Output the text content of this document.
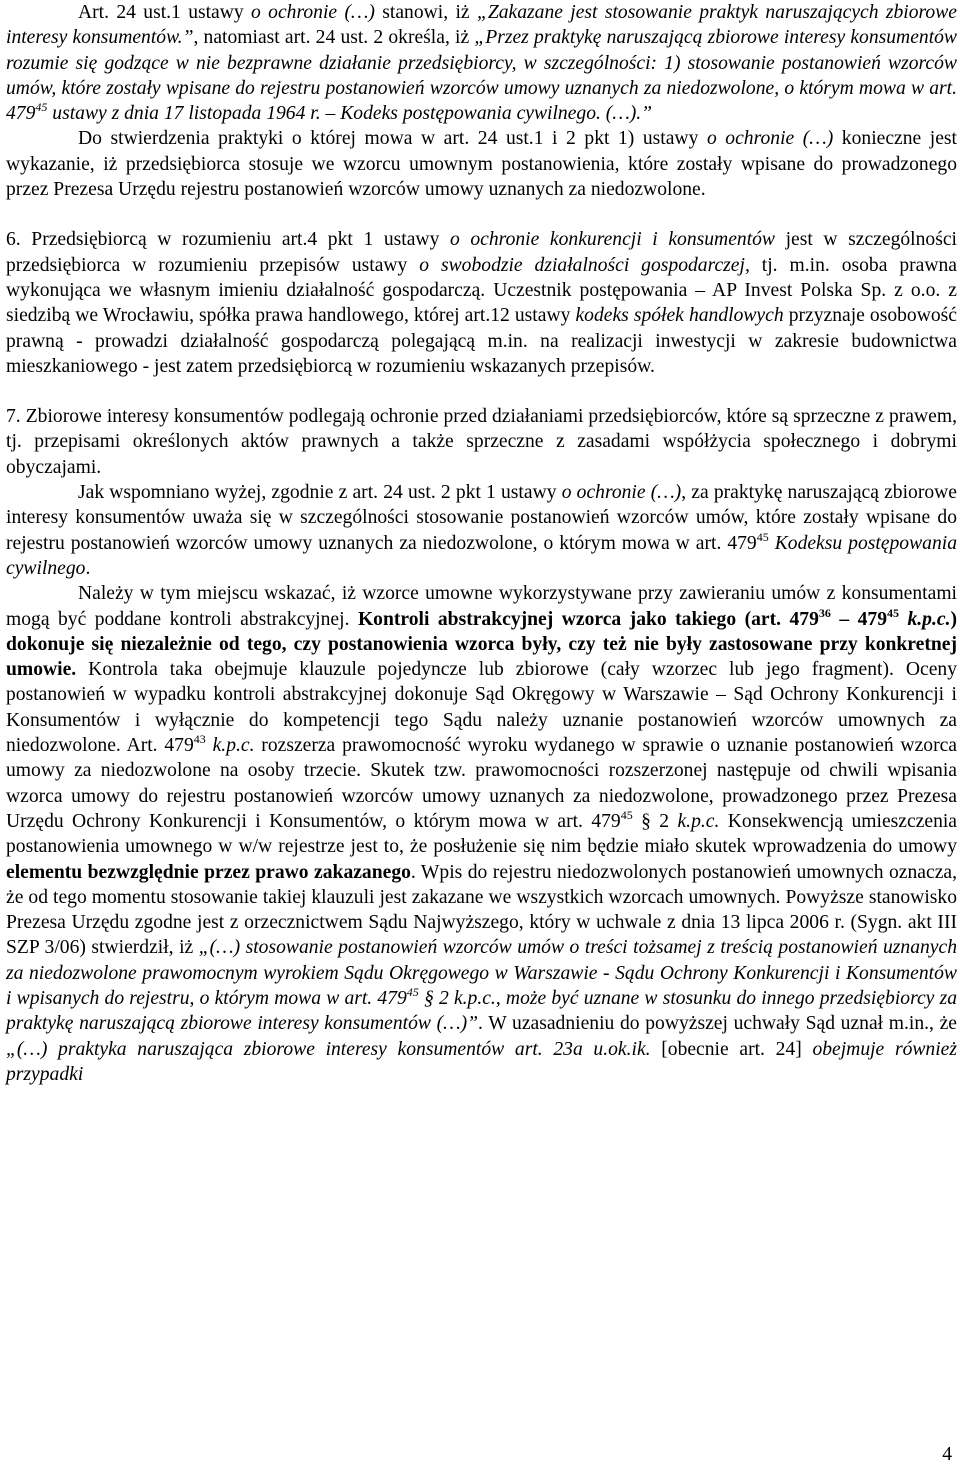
Art. 24 ust.1 ustawy o ochronie (…) stanowi, iż „Zakazane jest stosowanie praktyk naruszających zbiorowe interesy konsumentów.”, natomiast art. 24 ust. 2 określa, iż „Przez praktykę naruszającą zbiorowe interesy konsumentów rozumie się godzące w nie bezprawne działanie przedsiębiorcy, w szczególności: 1) stosowanie postanowień wzorców umów, które zostały wpisane do rejestru postanowień wzorców umowy uznanych za niedozwolone, o którym mowa w art. $479^{45}$ ustawy z dnia 17 listopada 1964 r. – Kodeks postępowania cywilnego. (…).”

Do stwierdzenia praktyki o której mowa w art. 24 ust.1 i 2 pkt 1) ustawy o ochronie (…) konieczne jest wykazanie, iż przedsiębiorca stosuje we wzorcu umownym postanowienia, które zostały wpisane do prowadzonego przez Prezesa Urzędu rejestru postanowień wzorców umowy uznanych za niedozwolone.

6. Przedsiębiorcą w rozumieniu art.4 pkt 1 ustawy o ochronie konkurencji i konsumentów jest w szczególności przedsiębiorca w rozumieniu przepisów ustawy o swobodzie działalności gospodarczej, tj. m.in. osoba prawna wykonująca we własnym imieniu działalność gospodarczą. Uczestnik postępowania – AP Invest Polska Sp. z o.o. z siedzibą we Wrocławiu, spółka prawa handlowego, której art.12 ustawy kodeks spółek handlowych przyznaje osobowość prawną - prowadzi działalność gospodarczą polegającą m.in. na realizacji inwestycji w zakresie budownictwa mieszkaniowego - jest zatem przedsiębiorcą w rozumieniu wskazanych przepisów.

7. Zbiorowe interesy konsumentów podlegają ochronie przed działaniami przedsiębiorców, które są sprzeczne z prawem, tj. przepisami określonych aktów prawnych a także sprzeczne z zasadami współżycia społecznego i dobrymi obyczajami.

Jak wspomniano wyżej, zgodnie z art. 24 ust. 2 pkt 1 ustawy o ochronie (…), za praktykę naruszającą zbiorowe interesy konsumentów uważa się w szczególności stosowanie postanowień wzorców umów, które zostały wpisane do rejestru postanowień wzorców umowy uznanych za niedozwolone, o którym mowa w art. $479^{45}$ Kodeksu postępowania cywilnego.

Należy w tym miejscu wskazać, iż wzorce umowne wykorzystywane przy zawieraniu umów z konsumentami mogą być poddane kontroli abstrakcyjnej. Kontroli abstrakcyjnej wzorca jako takiego (art. $479^{36} - 479^{45}$ k.p.c.) dokonuje się niezależnie od tego, czy postanowienia wzorca były, czy też nie były zastosowane przy konkretnej umowie. Kontrola taka obejmuje klauzule pojedyncze lub zbiorowe (cały wzorzec lub jego fragment). Oceny postanowień w wypadku kontroli abstrakcyjnej dokonuje Sąd Okręgowy w Warszawie – Sąd Ochrony Konkurencji i Konsumentów i wyłącznie do kompetencji tego Sądu należy uznanie postanowień wzorców umownych za niedozwolone. Art. $479^{43}$ k.p.c. rozszerza prawomocność wyroku wydanego w sprawie o uznanie postanowień wzorca umowy za niedozwolone na osoby trzecie. Skutek tzw. prawomocności rozszerzonej następuje od chwili wpisania wzorca umowy do rejestru postanowień wzorców umowy uznanych za niedozwolone, prowadzonego przez Prezesa Urzędu Ochrony Konkurencji i Konsumentów, o którym mowa w art. $479^{45}$ § 2 k.p.c. Konsekwencją umieszczenia postanowienia umownego w w/w rejestrze jest to, że posłużenie się nim będzie miało skutek wprowadzenia do umowy elementu bezwzględnie przez prawo zakazanego. Wpis do rejestru niedozwolonych postanowień umownych oznacza, że od tego momentu stosowanie takiej klauzuli jest zakazane we wszystkich wzorcach umownych. Powyższe stanowisko Prezesa Urzędu zgodne jest z orzecznictwem Sądu Najwyższego, który w uchwale z dnia 13 lipca 2006 r. (Sygn. akt III SZP 3/06) stwierdził, iż „(…) stosowanie postanowień wzorców umów o treści tożsamej z treścią postanowień uznanych za niedozwolone prawomocnym wyrokiem Sądu Okręgowego w Warszawie - Sądu Ochrony Konkurencji i Konsumentów i wpisanych do rejestru, o którym mowa w art. $479^{45}$ § 2 k.p.c., może być uznane w stosunku do innego przedsiębiorcy za praktykę naruszającą zbiorowe interesy konsumentów (…)”. W uzasadnieniu do powyższej uchwały Sąd uznał m.in., że „(…) praktyka naruszająca zbiorowe interesy konsumentów art. 23a u.ok.ik. [obecnie art. 24] obejmuje również przypadki

4
